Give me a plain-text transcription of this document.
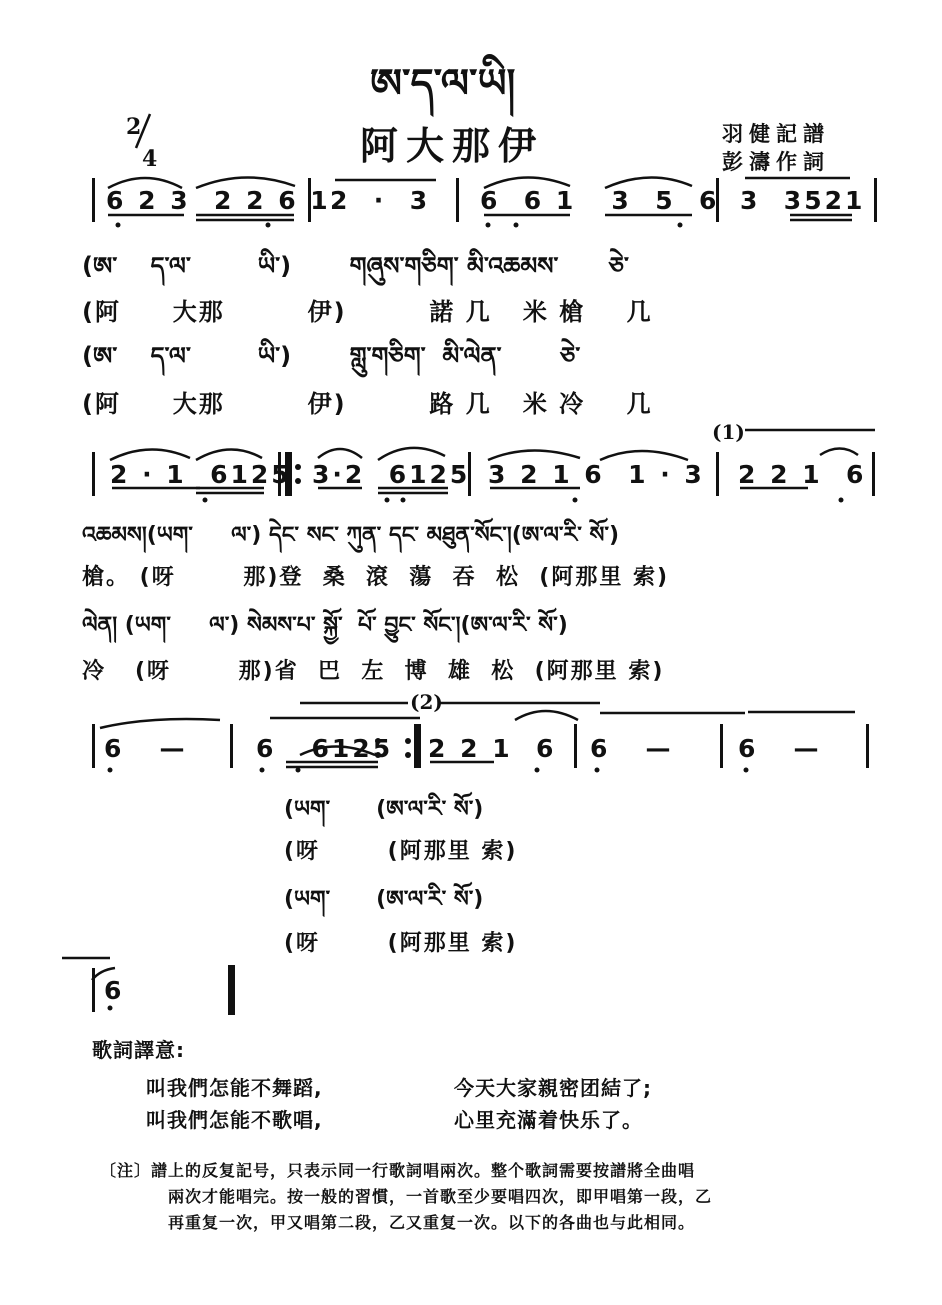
ཨ་ད་ལ་ཡི།
阿大那伊	羽健記譜
彭濤作詞
2
4
6 2 3  2 2 6 1 2  ·  3 6  6 1   3  5  6 3  3521
(ཨ་    ད་ལ་        ཡི་)       གཞུས་གཅིག་ མི་འཆམས་      ཅེ་
(阿     大那        伊)        諾 几   米 槍    几
(ཨ་    ད་ལ་        ཡི་)       གླུ་གཅིག་  མི་ལེན་       ཅེ་
(阿     大那        伊)        路 几   米 冷    几
(1)
2 · 1  6125 3·2  6125 3 2 1 6  1 · 3 2 2 1  6
འཆམས།(ཡག་     ལ་) དེང་ སང་ ཀུན་ དང་ མཐུན་སོང་།(ཨ་ལ་རི་ སོ་)
槍。 (呀       那)登  桑  滾  蕩  吞  松  (阿那里 索)
ལེན། (ཡག་     ལ་) སེམས་པ་ སྐྱོ་  པོ་ བྱུང་ སོང་།(ཨ་ལ་རི་ སོ་)
冷   (呀       那)省  巴  左  博  雄  松  (阿那里 索)
(2)
6   —	6   6125 2 2 1  6 6   —	6   —
(ཡག་      (ཨ་ལ་རི་ སོ་)
(呀       (阿那里 索)
(ཡག་      (ཨ་ལ་རི་ སོ་)
(呀       (阿那里 索)
6
歌詞譯意:
叫我們怎能不舞蹈,	今天大家親密团結了;
叫我們怎能不歌唱,	心里充滿着快乐了。
〔注〕譜上的反复記号，只表示同一行歌詞唱兩次。整个歌詞需要按譜將全曲唱
兩次才能唱完。按一般的習慣，一首歌至少要唱四次，即甲唱第一段，乙
再重复一次，甲又唱第二段，乙又重复一次。以下的各曲也与此相同。
